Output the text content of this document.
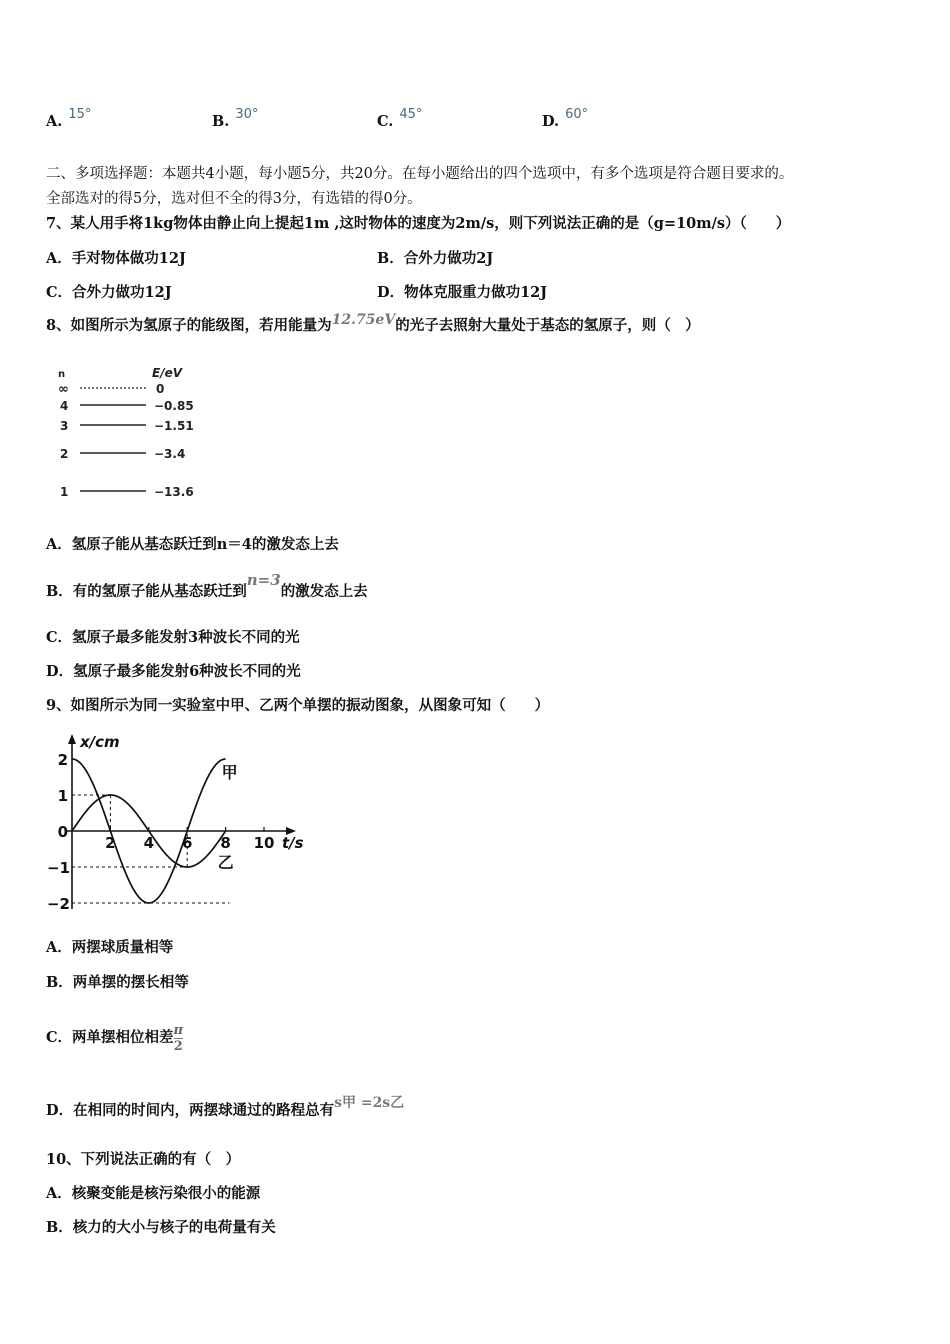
A. 15°	B. 30°	C. 45°	D. 60°
二、多项选择题：本题共4小题，每小题5分，共20分。在每小题给出的四个选项中，有多个选项是符合题目要求的。
全部选对的得5分，选对但不全的得3分，有选错的得0分。
7、某人用手将1kg物体由静止向上提起1m ,这时物体的速度为2m/s，则下列说法正确的是（g=10m/s）（　　）
A．手对物体做功12J	B．合外力做功2J
C．合外力做功12J	D．物体克服重力做功12J
8、如图所示为氢原子的能级图，若用能量为12.75eV的光子去照射大量处于基态的氢原子，则（　）
n	E/eV
∞	0
4	−0.85
3	−1.51
2	−3.4
1	−13.6
A．氢原子能从基态跃迁到n＝4的激发态上去
B．有的氢原子能从基态跃迁到n=3的激发态上去
C．氢原子最多能发射3种波长不同的光
D．氢原子最多能发射6种波长不同的光
9、如图所示为同一实验室中甲、乙两个单摆的振动图象，从图象可知（　　）
x/cm
t/s
2
1
0
−1
−2
2 4 6 8 10
甲
乙
A．两摆球质量相等
B．两单摆的摆长相等
C．两单摆相位相差 $\frac{\pi}{2}$
D．在相同的时间内，两摆球通过的路程总有s甲 =2s乙
10、下列说法正确的有（　）
A．核聚变能是核污染很小的能源
B．核力的大小与核子的电荷量有关
